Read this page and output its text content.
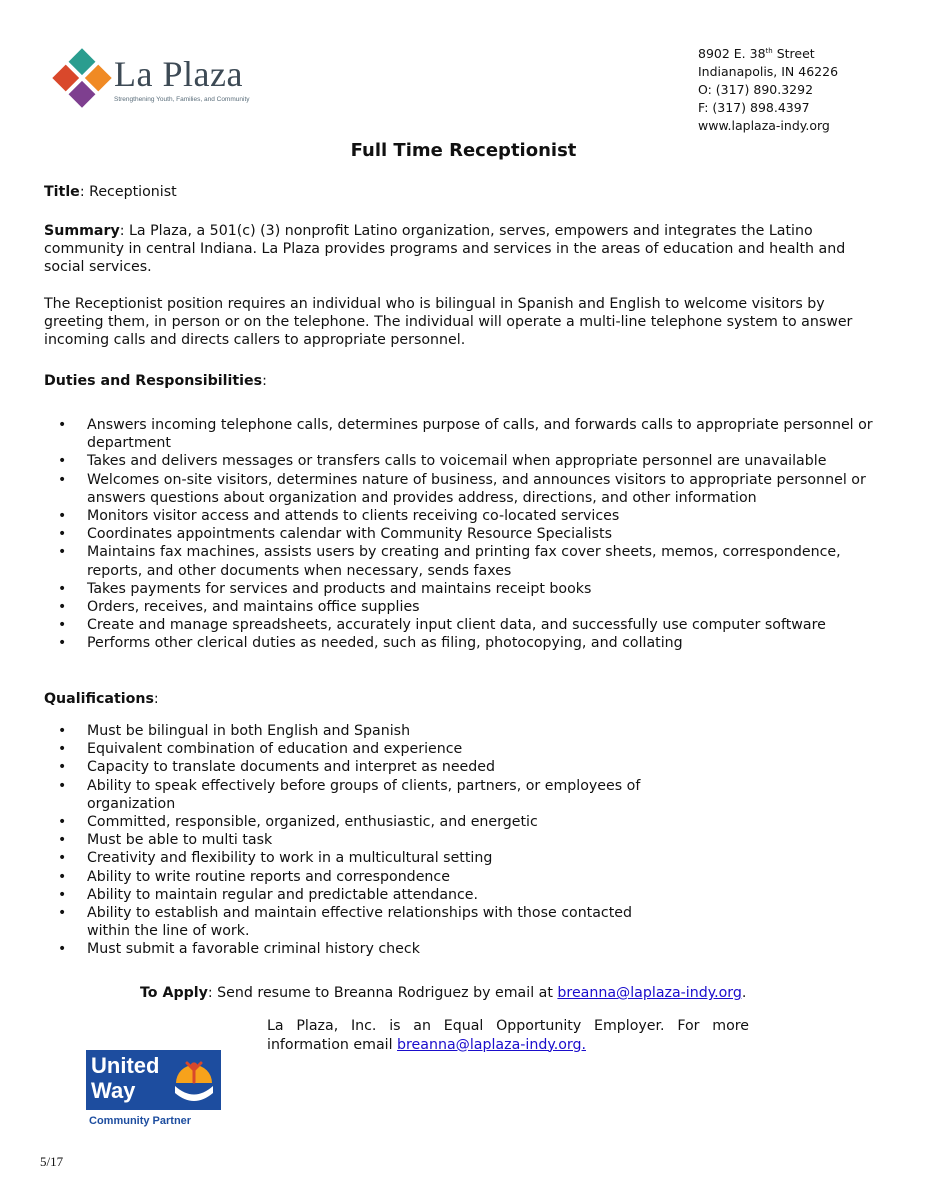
La Plaza
Strengthening Youth, Families, and Community
8902 E. 38th Street
Indianapolis, IN 46226
O: (317) 890.3292
F: (317) 898.4397
www.laplaza-indy.org
Full Time Receptionist

Title: Receptionist

Summary: La Plaza, a 501(c) (3) nonprofit Latino organization, serves, empowers and integrates the Latino community in central Indiana. La Plaza provides programs and services in the areas of education and health and social services.

The Receptionist position requires an individual who is bilingual in Spanish and English to welcome visitors by greeting them, in person or on the telephone. The individual will operate a multi-line telephone system to answer incoming calls and directs callers to appropriate personnel.

Duties and Responsibilities:

• Answers incoming telephone calls, determines purpose of calls, and forwards calls to appropriate personnel or department
• Takes and delivers messages or transfers calls to voicemail when appropriate personnel are unavailable
• Welcomes on-site visitors, determines nature of business, and announces visitors to appropriate personnel or answers questions about organization and provides address, directions, and other information
• Monitors visitor access and attends to clients receiving co-located services
• Coordinates appointments calendar with Community Resource Specialists
• Maintains fax machines, assists users by creating and printing fax cover sheets, memos, correspondence, reports, and other documents when necessary, sends faxes
• Takes payments for services and products and maintains receipt books
• Orders, receives, and maintains office supplies
• Create and manage spreadsheets, accurately input client data, and successfully use computer software
• Performs other clerical duties as needed, such as filing, photocopying, and collating

Qualifications:

• Must be bilingual in both English and Spanish
• Equivalent combination of education and experience
• Capacity to translate documents and interpret as needed
• Ability to speak effectively before groups of clients, partners, or employees of organization
• Committed, responsible, organized, enthusiastic, and energetic
• Must be able to multi task
• Creativity and flexibility to work in a multicultural setting
• Ability to write routine reports and correspondence
• Ability to maintain regular and predictable attendance.
• Ability to establish and maintain effective relationships with those contacted within the line of work.
• Must submit a favorable criminal history check

To Apply: Send resume to Breanna Rodriguez by email at breanna@laplaza-indy.org.

La Plaza, Inc. is an Equal Opportunity Employer. For more information email breanna@laplaza-indy.org.

United
Way
Community Partner
5/17
